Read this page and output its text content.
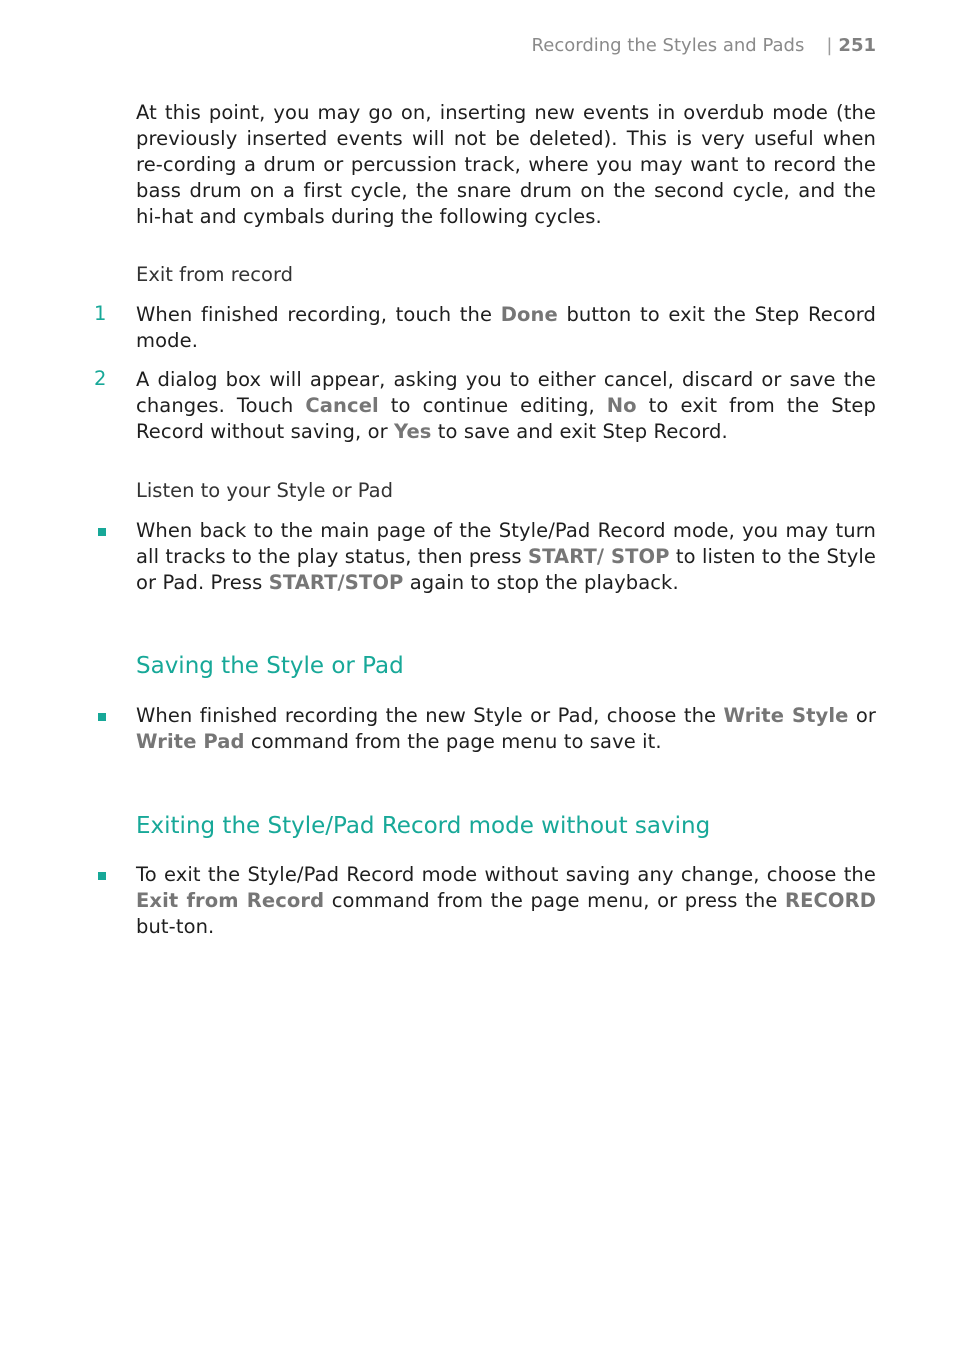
Recording the Styles and Pads | 251
At this point, you may go on, inserting new events in overdub mode (the previously inserted events will not be deleted). This is very useful when re-cording a drum or percussion track, where you may want to record the bass drum on a first cycle, the snare drum on the second cycle, and the hi-hat and cymbals during the following cycles.
Exit from record
1 When finished recording, touch the Done button to exit the Step Record mode.
2 A dialog box will appear, asking you to either cancel, discard or save the changes. Touch Cancel to continue editing, No to exit from the Step Record without saving, or Yes to save and exit Step Record.
Listen to your Style or Pad
When back to the main page of the Style/Pad Record mode, you may turn all tracks to the play status, then press START/ STOP to listen to the Style or Pad. Press START/STOP again to stop the playback.
Saving the Style or Pad
When finished recording the new Style or Pad, choose the Write Style or Write Pad command from the page menu to save it.
Exiting the Style/Pad Record mode without saving
To exit the Style/Pad Record mode without saving any change, choose the Exit from Record command from the page menu, or press the RECORD but-ton.
